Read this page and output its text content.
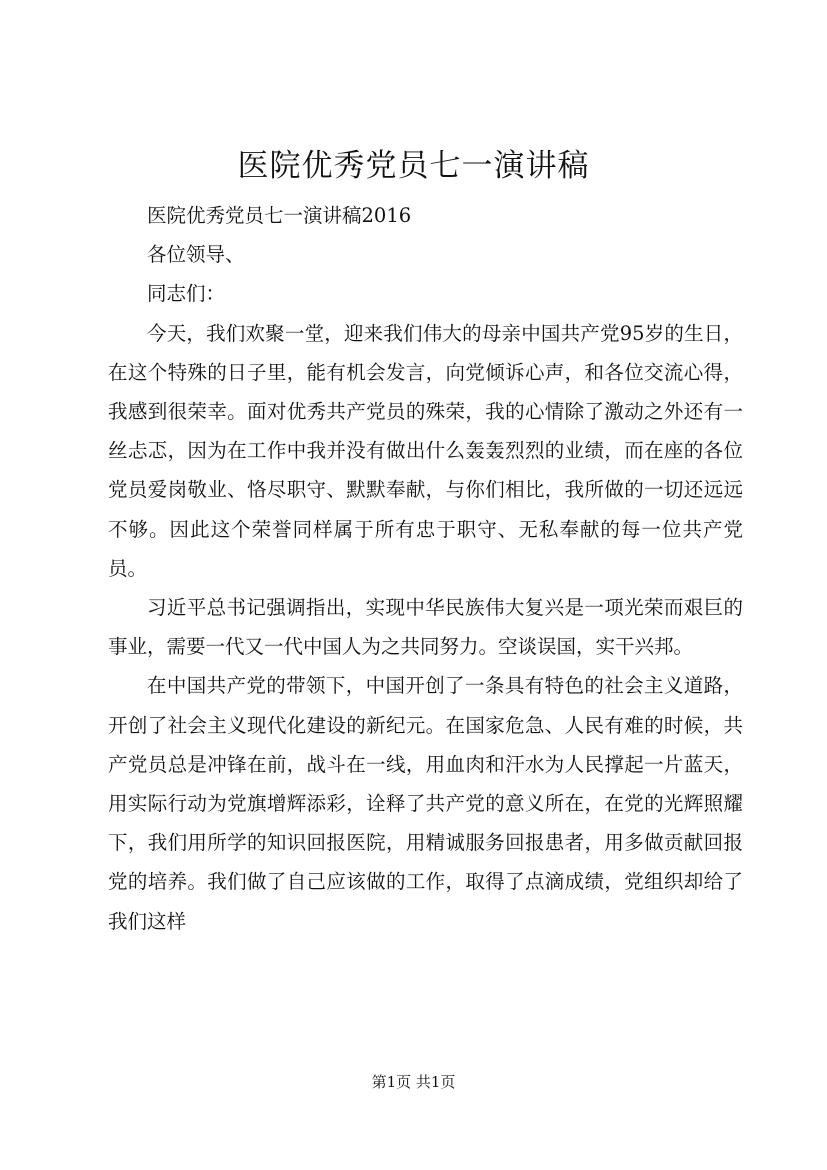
医院优秀党员七一演讲稿

医院优秀党员七一演讲稿2016

各位领导、

同志们：

今天，我们欢聚一堂，迎来我们伟大的母亲中国共产党95岁的生日，在这个特殊的日子里，能有机会发言，向党倾诉心声，和各位交流心得，我感到很荣幸。面对优秀共产党员的殊荣，我的心情除了激动之外还有一丝忐忑，因为在工作中我并没有做出什么轰轰烈烈的业绩，而在座的各位党员爱岗敬业、恪尽职守、默默奉献，与你们相比，我所做的一切还远远不够。因此这个荣誉同样属于所有忠于职守、无私奉献的每一位共产党员。

习近平总书记强调指出，实现中华民族伟大复兴是一项光荣而艰巨的事业，需要一代又一代中国人为之共同努力。空谈误国，实干兴邦。

在中国共产党的带领下，中国开创了一条具有特色的社会主义道路，开创了社会主义现代化建设的新纪元。在国家危急、人民有难的时候，共产党员总是冲锋在前，战斗在一线，用血肉和汗水为人民撑起一片蓝天，用实际行动为党旗增辉添彩，诠释了共产党的意义所在，在党的光辉照耀下，我们用所学的知识回报医院，用精诚服务回报患者，用多做贡献回报党的培养。我们做了自己应该做的工作，取得了点滴成绩，党组织却给了我们这样

第1页 共1页
